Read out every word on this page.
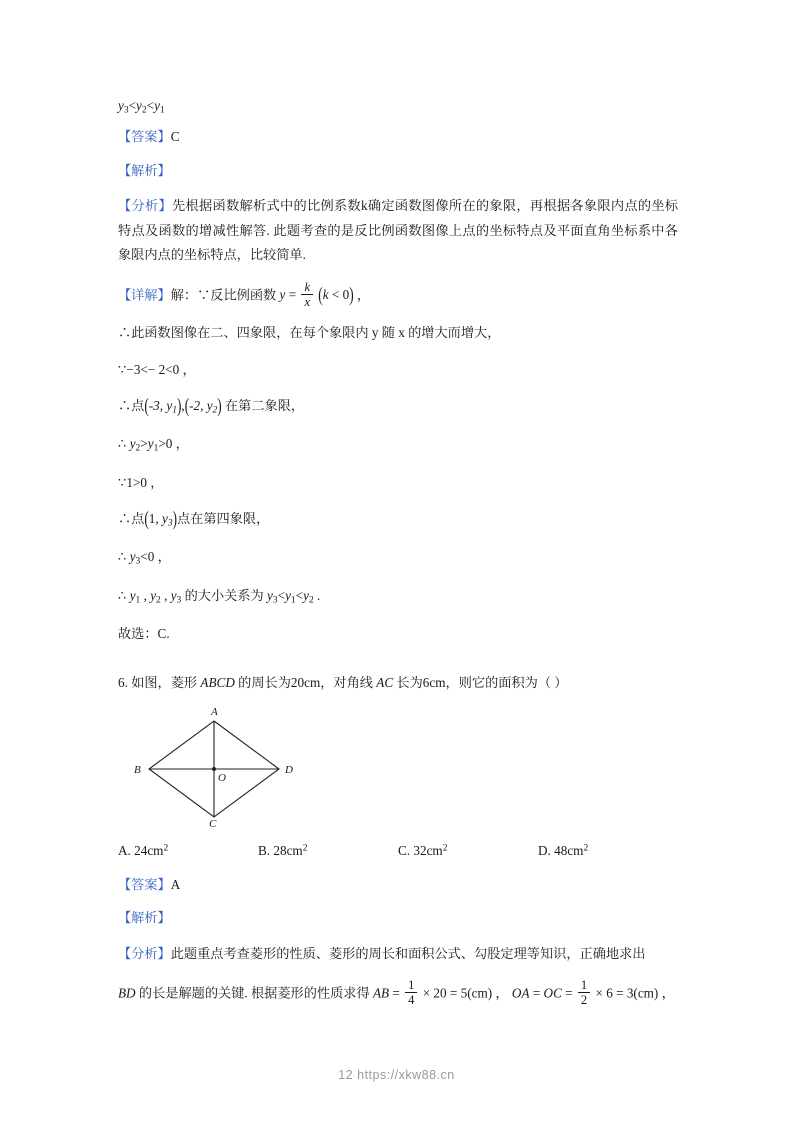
$y_3<y_2<y_1$
【答案】C
【解析】
【分析】先根据函数解析式中的比例系数k确定函数图像所在的象限，再根据各象限内点的坐标特点及函数的增减性解答. 此题考查的是反比例函数图像上点的坐标特点及平面直角坐标系中各象限内点的坐标特点，比较简单.
【详解】解：∵反比例函数 $y = \frac{k}{x} (k < 0)$ ，
∴此函数图像在二、四象限，在每个象限内 y 随 x 的增大而增大，
∵−3<− 2<0 ，
∴点(-3, $y_1),(-2$, $y_2$) 在第二象限，
∴ $y_2>y_1>0$ ，
∵1>0 ，
∴点(1, $y_3$)点在第四象限，
∴ $y_3<0$ ，
∴ $y_1$ , $y_2$ , $y_3$ 的大小关系为 $y_3<y_1<y_2$ .
故选：C.
6. 如图，菱形 ABCD 的周长为20cm，对角线 AC 长为6cm，则它的面积为（ ）
A
B
C
D
O
A. $24cm^2$	B. $28cm^2$	C. $32cm^2$	D. $48cm^2$
【答案】A
【解析】
【分析】此题重点考查菱形的性质、菱形的周长和面积公式、勾股定理等知识，正确地求出
BD 的长是解题的关键. 根据菱形的性质求得 AB = $\frac{1}{4} \times 20 = 5(cm)$ ， OA = OC = $\frac{1}{2} \times 6 = 3(cm)$ ，
12 https://xkw88.cn
